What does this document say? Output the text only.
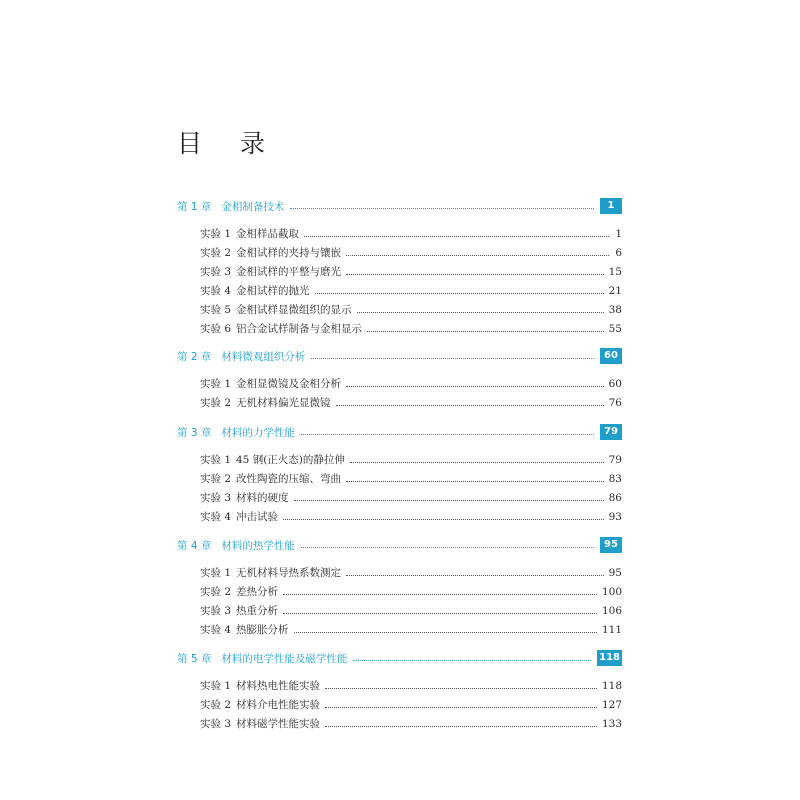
目 录
第 1 章 金相制备技术	1
实验 1 金相样品截取	1
实验 2 金相试样的夹持与镶嵌	6
实验 3 金相试样的平整与磨光	15
实验 4 金相试样的抛光	21
实验 5 金相试样显微组织的显示	38
实验 6 铝合金试样制备与金相显示	55
第 2 章 材料微观组织分析	60
实验 1 金相显微镜及金相分析	60
实验 2 无机材料偏光显微镜	76
第 3 章 材料的力学性能	79
实验 1 45 钢(正火态)的静拉伸	79
实验 2 改性陶瓷的压缩、弯曲	83
实验 3 材料的硬度	86
实验 4 冲击试验	93
第 4 章 材料的热学性能	95
实验 1 无机材料导热系数测定	95
实验 2 差热分析	100
实验 3 热重分析	106
实验 4 热膨胀分析	111
第 5 章 材料的电学性能及磁学性能	118
实验 1 材料热电性能实验	118
实验 2 材料介电性能实验	127
实验 3 材料磁学性能实验	133
